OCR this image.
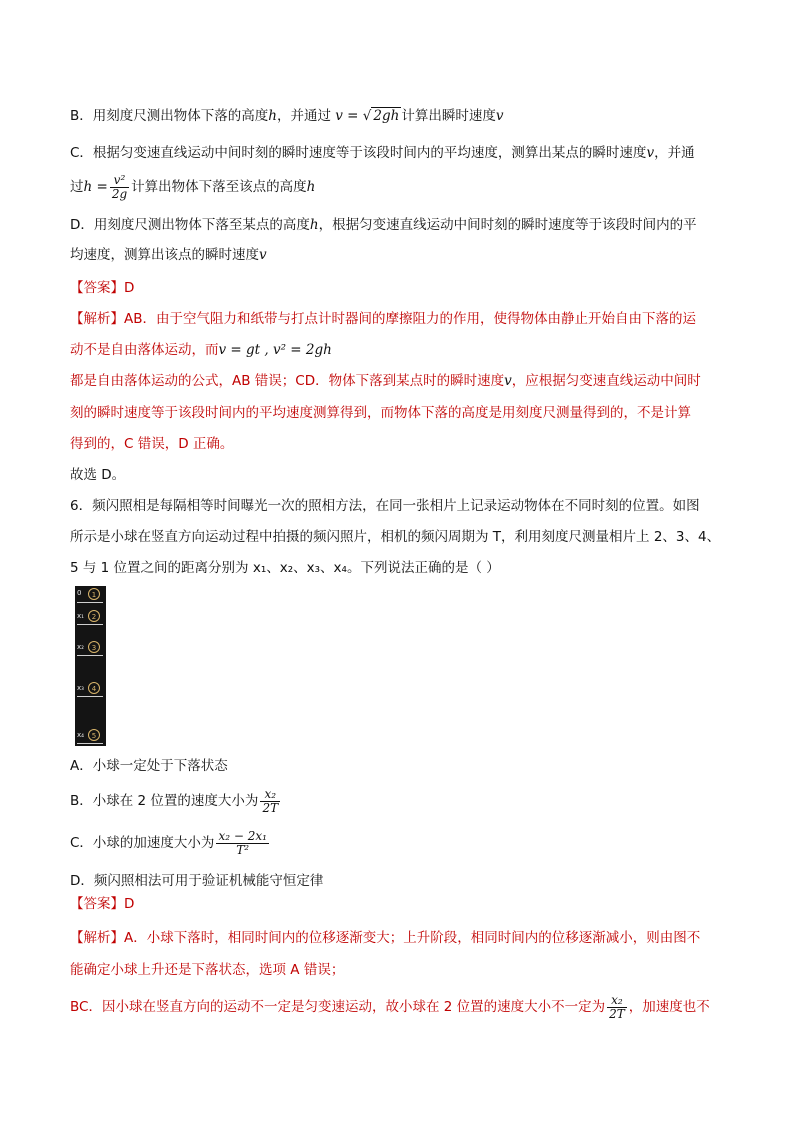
B．用刻度尺测出物体下落的高度h，并通过 v = √ 2gh 计算出瞬时速度v
C．根据匀变速直线运动中间时刻的瞬时速度等于该段时间内的平均速度，测算出某点的瞬时速度v，并通
过$h = \frac{\text{v²}}{2g}$ 计算出物体下落至该点的高度h
D．用刻度尺测出物体下落至某点的高度h，根据匀变速直线运动中间时刻的瞬时速度等于该段时间内的平
均速度，测算出该点的瞬时速度v
【答案】D
【解析】AB．由于空气阻力和纸带与打点计时器间的摩擦阻力的作用，使得物体由静止开始自由下落的运
动不是自由落体运动，而v = gt , v² = 2gh
都是自由落体运动的公式，AB 错误；CD．物体下落到某点时的瞬时速度v，应根据匀变速直线运动中间时
刻的瞬时速度等于该段时间内的平均速度测算得到，而物体下落的高度是用刻度尺测量得到的，不是计算
得到的，C 错误，D 正确。
故选 D。
6．频闪照相是每隔相等时间曝光一次的照相方法，在同一张相片上记录运动物体在不同时刻的位置。如图
所示是小球在竖直方向运动过程中拍摄的频闪照片，相机的频闪周期为 T，利用刻度尺测量相片上 2、3、4、
5 与 1 位置之间的距离分别为 x₁、x₂、x₃、x₄。下列说法正确的是（ ）
A．小球一定处于下落状态
B．小球在 2 位置的速度大小为 $\frac{\text{x₂}}{2T}$
C．小球的加速度大小为 $\frac{\text{x₂ − 2x₁}}{\text{T²}}$
D．频闪照相法可用于验证机械能守恒定律
【答案】D
【解析】A．小球下落时，相同时间内的位移逐渐变大；上升阶段，相同时间内的位移逐渐减小，则由图不
能确定小球上升还是下落状态，选项 A 错误；
BC．因小球在竖直方向的运动不一定是匀变速运动，故小球在 2 位置的速度大小不一定为 $\frac{\text{x₂}}{2T}$ ，加速度也不
0	1
x₁	2
x₂	3
x₃	4
x₄	5
